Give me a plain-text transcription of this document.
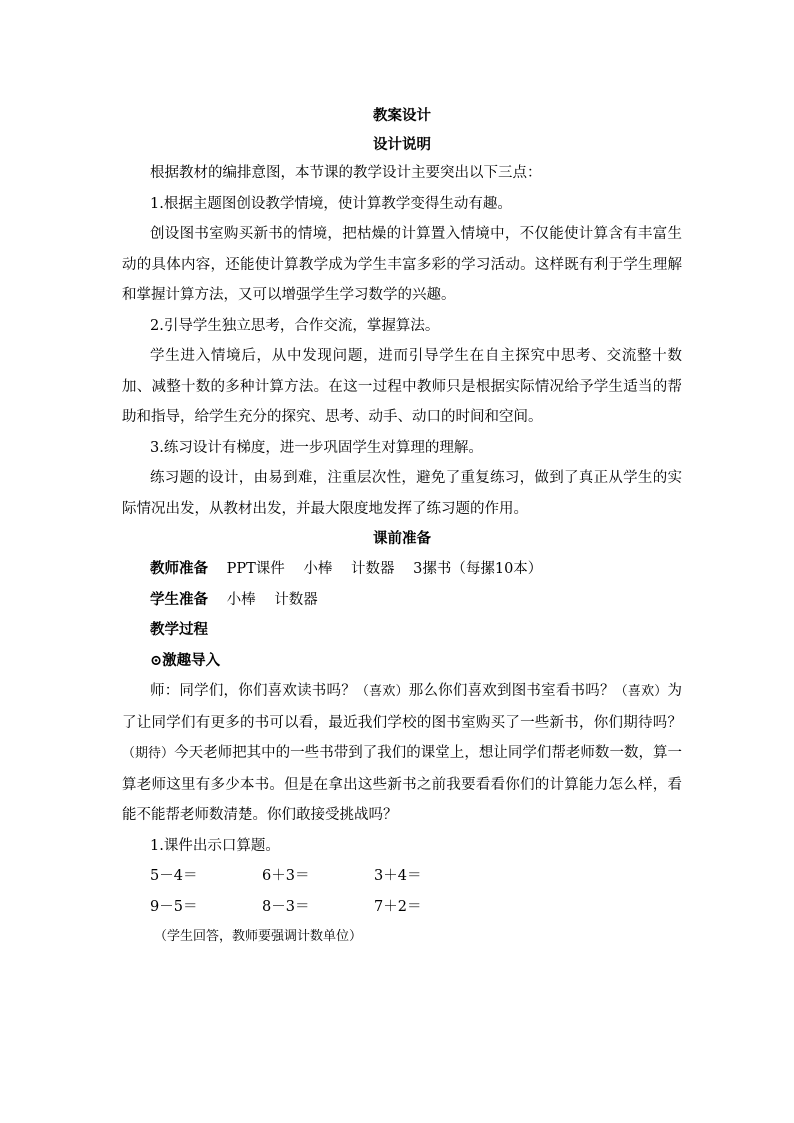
教案设计
设计说明
根据教材的编排意图，本节课的教学设计主要突出以下三点：
1.根据主题图创设教学情境，使计算教学变得生动有趣。
创设图书室购买新书的情境，把枯燥的计算置入情境中，不仅能使计算含有丰富生动的具体内容，还能使计算教学成为学生丰富多彩的学习活动。这样既有利于学生理解和掌握计算方法，又可以增强学生学习数学的兴趣。
2.引导学生独立思考，合作交流，掌握算法。
学生进入情境后，从中发现问题，进而引导学生在自主探究中思考、交流整十数加、减整十数的多种计算方法。在这一过程中教师只是根据实际情况给予学生适当的帮助和指导，给学生充分的探究、思考、动手、动口的时间和空间。
3.练习设计有梯度，进一步巩固学生对算理的理解。
练习题的设计，由易到难，注重层次性，避免了重复练习，做到了真正从学生的实际情况出发，从教材出发，并最大限度地发挥了练习题的作用。
课前准备
教师准备 PPT课件 小棒 计数器 3摞书（每摞10本）
学生准备 小棒 计数器
教学过程
⊙激趣导入
师：同学们，你们喜欢读书吗？（喜欢）那么你们喜欢到图书室看书吗？（喜欢）为了让同学们有更多的书可以看，最近我们学校的图书室购买了一些新书，你们期待吗？（期待）今天老师把其中的一些书带到了我们的课堂上，想让同学们帮老师数一数，算一算老师这里有多少本书。但是在拿出这些新书之前我要看看你们的计算能力怎么样，看能不能帮老师数清楚。你们敢接受挑战吗？
1.课件出示口算题。
5－4＝	6＋3＝	3＋4＝
9－5＝	8－3＝	7＋2＝
（学生回答，教师要强调计数单位）
